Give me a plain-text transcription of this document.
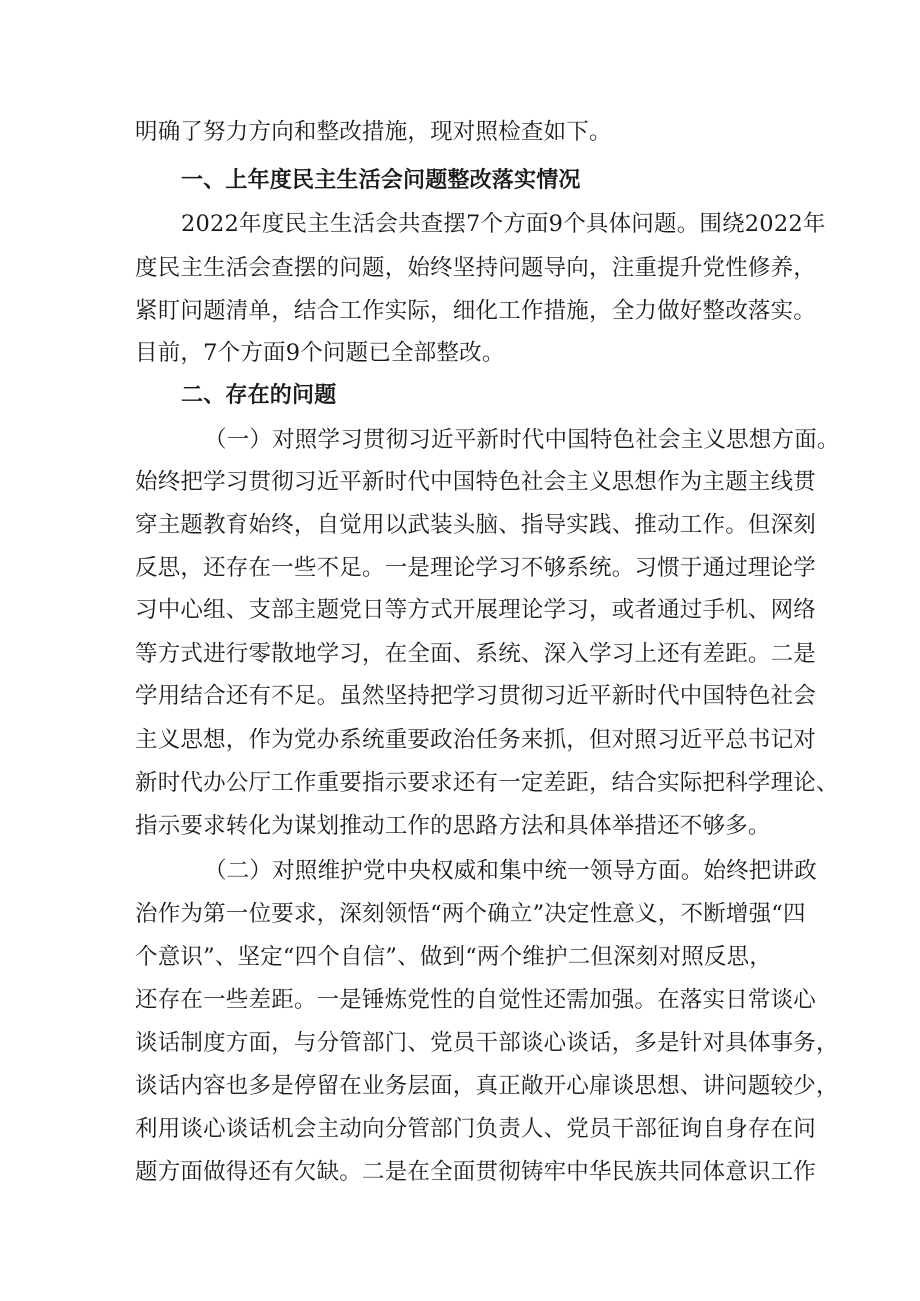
明确了努力方向和整改措施，现对照检查如下。
一、上年度民主生活会问题整改落实情况
2022年度民主生活会共查摆7个方面9个具体问题。围绕2022年
度民主生活会查摆的问题，始终坚持问题导向，注重提升党性修养，
紧盯问题清单，结合工作实际，细化工作措施，全力做好整改落实。
目前，7个方面9个问题已全部整改。
二、存在的问题
（一）对照学习贯彻习近平新时代中国特色社会主义思想方面。
始终把学习贯彻习近平新时代中国特色社会主义思想作为主题主线贯
穿主题教育始终，自觉用以武装头脑、指导实践、推动工作。但深刻
反思，还存在一些不足。一是理论学习不够系统。习惯于通过理论学
习中心组、支部主题党日等方式开展理论学习，或者通过手机、网络
等方式进行零散地学习，在全面、系统、深入学习上还有差距。二是
学用结合还有不足。虽然坚持把学习贯彻习近平新时代中国特色社会
主义思想，作为党办系统重要政治任务来抓，但对照习近平总书记对
新时代办公厅工作重要指示要求还有一定差距，结合实际把科学理论、
指示要求转化为谋划推动工作的思路方法和具体举措还不够多。
（二）对照维护党中央权威和集中统一领导方面。始终把讲政
治作为第一位要求，深刻领悟“两个确立”决定性意义，不断增强“四
个意识”、坚定“四个自信”、做到“两个维护二但深刻对照反思，
还存在一些差距。一是锤炼党性的自觉性还需加强。在落实日常谈心
谈话制度方面，与分管部门、党员干部谈心谈话，多是针对具体事务，
谈话内容也多是停留在业务层面，真正敞开心扉谈思想、讲问题较少，
利用谈心谈话机会主动向分管部门负责人、党员干部征询自身存在问
题方面做得还有欠缺。二是在全面贯彻铸牢中华民族共同体意识工作
